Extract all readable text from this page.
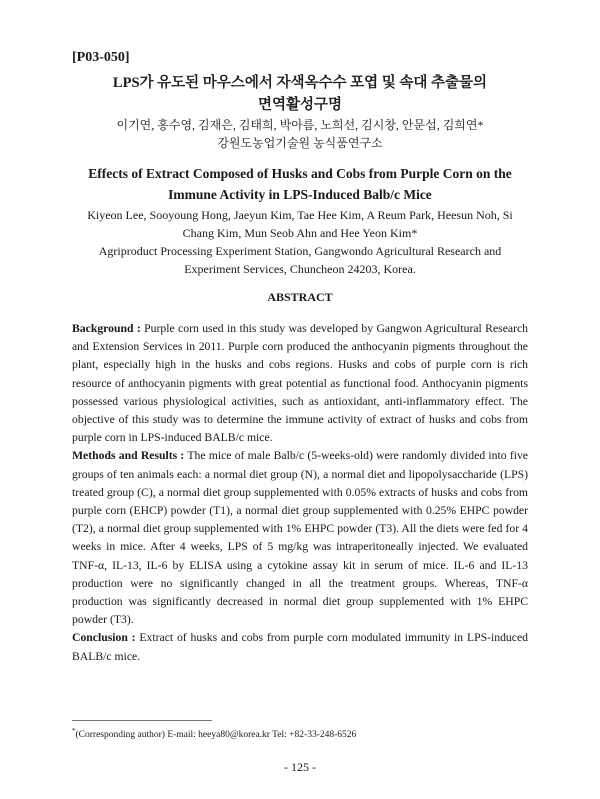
[P03-050]
LPS가 유도된 마우스에서 자색옥수수 포엽 및 속대 추출물의
면역활성구명
이기연, 홍수영, 김재은, 김태희, 박아름, 노희선, 김시창, 안문섭, 김희연*
강원도농업기술원 농식품연구소
Effects of Extract Composed of Husks and Cobs from Purple Corn on the
Immune Activity in LPS-Induced Balb/c Mice
Kiyeon Lee, Sooyoung Hong, Jaeyun Kim, Tae Hee Kim, A Reum Park, Heesun Noh, Si Chang Kim, Mun Seob Ahn and Hee Yeon Kim*
Agriproduct Processing Experiment Station, Gangwondo Agricultural Research and Experiment Services, Chuncheon 24203, Korea.
ABSTRACT

Background : Purple corn used in this study was developed by Gangwon Agricultural Research and Extension Services in 2011. Purple corn produced the anthocyanin pigments throughout the plant, especially high in the husks and cobs regions. Husks and cobs of purple corn is rich resource of anthocyanin pigments with great potential as functional food. Anthocyanin pigments possessed various physiological activities, such as antioxidant, anti-inflammatory effect. The objective of this study was to determine the immune activity of extract of husks and cobs from purple corn in LPS-induced BALB/c mice.

Methods and Results : The mice of male Balb/c (5-weeks-old) were randomly divided into five groups of ten animals each: a normal diet group (N), a normal diet and lipopolysaccharide (LPS) treated group (C), a normal diet group supplemented with 0.05% extracts of husks and cobs from purple corn (EHCP) powder (T1), a normal diet group supplemented with 0.25% EHPC powder (T2), a normal diet group supplemented with 1% EHPC powder (T3). All the diets were fed for 4 weeks in mice. After 4 weeks, LPS of 5 mg/kg was intraperitoneally injected. We evaluated TNF-α, IL-13, IL-6 by ELISA using a cytokine assay kit in serum of mice. IL-6 and IL-13 production were no significantly changed in all the treatment groups. Whereas, TNF-α production was significantly decreased in normal diet group supplemented with 1% EHPC powder (T3).

Conclusion : Extract of husks and cobs from purple corn modulated immunity in LPS-induced BALB/c mice.

*(Corresponding author) E-mail: heeya80@korea.kr Tel: +82-33-248-6526
- 125 -
